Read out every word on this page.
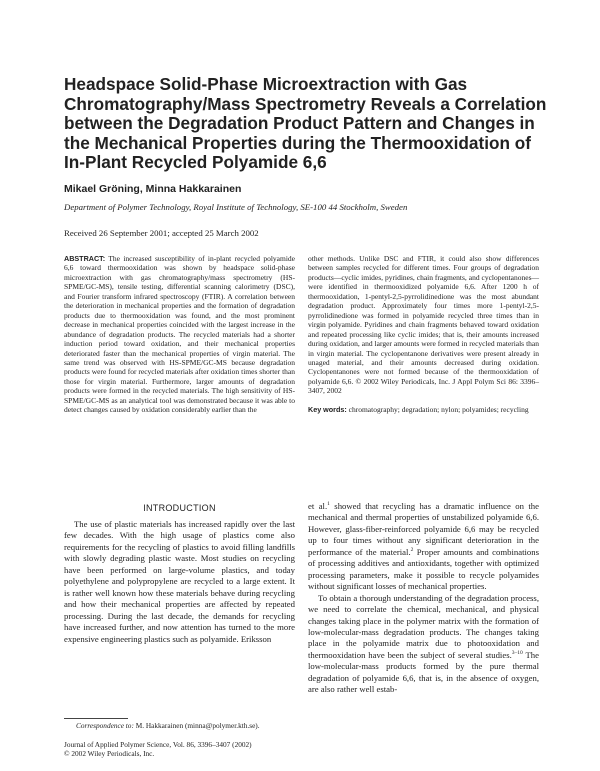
Headspace Solid-Phase Microextraction with Gas
Chromatography/Mass Spectrometry Reveals a Correlation
between the Degradation Product Pattern and Changes in
the Mechanical Properties during the Thermooxidation of
In-Plant Recycled Polyamide 6,6
Mikael Gröning, Minna Hakkarainen
Department of Polymer Technology, Royal Institute of Technology, SE-100 44 Stockholm, Sweden
Received 26 September 2001; accepted 25 March 2002

ABSTRACT: The increased susceptibility of in-plant recycled polyamide 6,6 toward thermooxidation was shown by headspace solid-phase microextraction with gas chromatography/mass spectrometry (HS-SPME/GC-MS), tensile testing, differential scanning calorimetry (DSC), and Fourier transform infrared spectroscopy (FTIR). A correlation between the deterioration in mechanical properties and the formation of degradation products due to thermooxidation was found, and the most prominent decrease in mechanical properties coincided with the largest increase in the abundance of degradation products. The recycled materials had a shorter induction period toward oxidation, and their mechanical properties deteriorated faster than the mechanical properties of virgin material. The same trend was observed with HS-SPME/GC-MS because degradation products were found for recycled materials after oxidation times shorter than those for virgin material. Furthermore, larger amounts of degradation products were formed in the recycled materials. The high sensitivity of HS-SPME/GC-MS as an analytical tool was demonstrated because it was able to detect changes caused by oxidation considerably earlier than the

other methods. Unlike DSC and FTIR, it could also show differences between samples recycled for different times. Four groups of degradation products—cyclic imides, pyridines, chain fragments, and cyclopentanones—were identified in thermooxidized polyamide 6,6. After 1200 h of thermooxidation, 1-pentyl-2,5-pyrrolidinedione was the most abundant degradation product. Approximately four times more 1-pentyl-2,5-pyrrolidinedione was formed in polyamide recycled three times than in virgin polyamide. Pyridines and chain fragments behaved toward oxidation and repeated processing like cyclic imides; that is, their amounts increased during oxidation, and larger amounts were formed in recycled materials than in virgin material. The cyclopentanone derivatives were present already in unaged material, and their amounts decreased during oxidation. Cyclopentanones were not formed because of the thermooxidation of polyamide 6,6. © 2002 Wiley Periodicals, Inc. J Appl Polym Sci 86: 3396–3407, 2002

Key words: chromatography; degradation; nylon; polyamides; recycling

INTRODUCTION

The use of plastic materials has increased rapidly over the last few decades. With the high usage of plastics come also requirements for the recycling of plastics to avoid filling landfills with slowly degrading plastic waste. Most studies on recycling have been performed on large-volume plastics, and today polyethylene and polypropylene are recycled to a large extent. It is rather well known how these materials behave during recycling and how their mechanical properties are affected by repeated processing. During the last decade, the demands for recycling have increased further, and now attention has turned to the more expensive engineering plastics such as polyamide. Eriksson

et al.$^1$ showed that recycling has a dramatic influence on the mechanical and thermal properties of unstabilized polyamide 6,6. However, glass-fiber-reinforced polyamide 6,6 may be recycled up to four times without any significant deterioration in the performance of the material.$^2$ Proper amounts and combinations of processing additives and antioxidants, together with optimized processing parameters, make it possible to recycle polyamides without significant losses of mechanical properties.

To obtain a thorough understanding of the degradation process, we need to correlate the chemical, mechanical, and physical changes taking place in the polymer matrix with the formation of low-molecular-mass degradation products. The changes taking place in the polyamide matrix due to photooxidation and thermooxidation have been the subject of several studies.$^{3-10}$ The low-molecular-mass products formed by the pure thermal degradation of polyamide 6,6, that is, in the absence of oxygen, are also rather well estab-

Correspondence to: M. Hakkarainen (minna@polymer.kth.se).
Journal of Applied Polymer Science, Vol. 86, 3396–3407 (2002)
© 2002 Wiley Periodicals, Inc.
